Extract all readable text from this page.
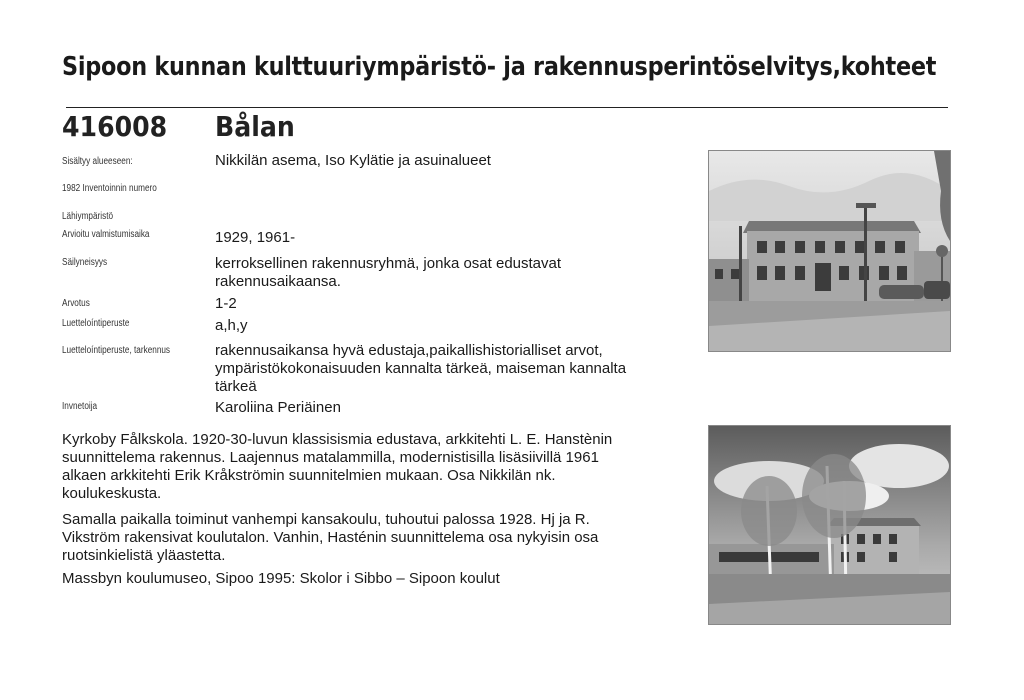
Sipoon kunnan kulttuuriympäristö- ja rakennusperintöselvitys,kohteet
416008 Bålan
Sisältyy alueeseen:
1982 Inventoinnin numero
Lähiympäristö
Arvioitu valmistumisaika
Säilyneisyys
Arvotus
Luetteloíntiperuste
Luetteloíntiperuste, tarkennus
Invnetoija
Nikkilän asema, Iso Kylätie ja asuinalueet
1929, 1961-
kerroksellinen rakennusryhmä, jonka osat edustavat rakennusaikaansa.
1-2
a,h,y
rakennusaikansa hyvä edustaja,paikallishistorialliset arvot, ympäristökokonaisuuden kannalta tärkeä, maiseman kannalta tärkeä
Karoliina Periäinen
Kyrkoby Fålkskola. 1920-30-luvun klassisismia edustava, arkkitehti L. E. Hanstènin suunnittelema rakennus. Laajennus matalammilla, modernistisilla lisäsiivillä 1961 alkaen arkkitehti Erik Kråkströmin suunnitelmien mukaan. Osa Nikkilän nk. koulukeskusta.
Samalla paikalla toiminut vanhempi kansakoulu, tuhoutui palossa 1928. Hj ja R. Vikström rakensivat koulutalon. Vanhin, Hasténin suunnittelema osa nykyisin osa ruotsinkielistä yläastetta.
Massbyn koulumuseo, Sipoo 1995: Skolor i Sibbo – Sipoon koulut
